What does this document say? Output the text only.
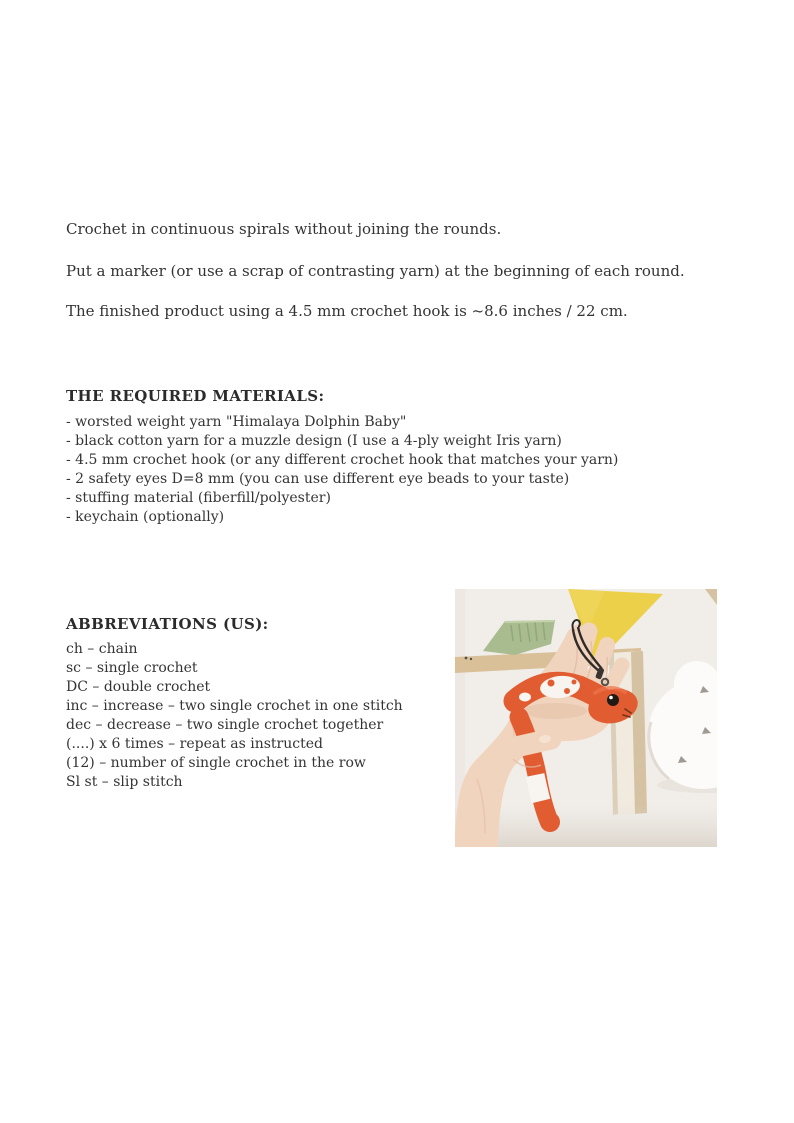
Crochet in continuous spirals without joining the rounds.

Put a marker (or use a scrap of contrasting yarn) at the beginning of each round.

The finished product using a 4.5 mm crochet hook is ~8.6 inches / 22 cm.

THE REQUIRED MATERIALS:
- worsted weight yarn "Himalaya Dolphin Baby"
- black cotton yarn for a muzzle design (I use a 4-ply weight Iris yarn)
- 4.5 mm crochet hook (or any different crochet hook that matches your yarn)
- 2 safety eyes D=8 mm (you can use different eye beads to your taste)
- stuffing material (fiberfill/polyester)
- keychain (optionally)
ABBREVIATIONS (US):
ch – chain
sc – single crochet
DC – double crochet
inc – increase – two single crochet in one stitch
dec – decrease – two single crochet together
(....) x 6 times – repeat as instructed
(12) – number of single crochet in the row
Sl st – slip stitch
